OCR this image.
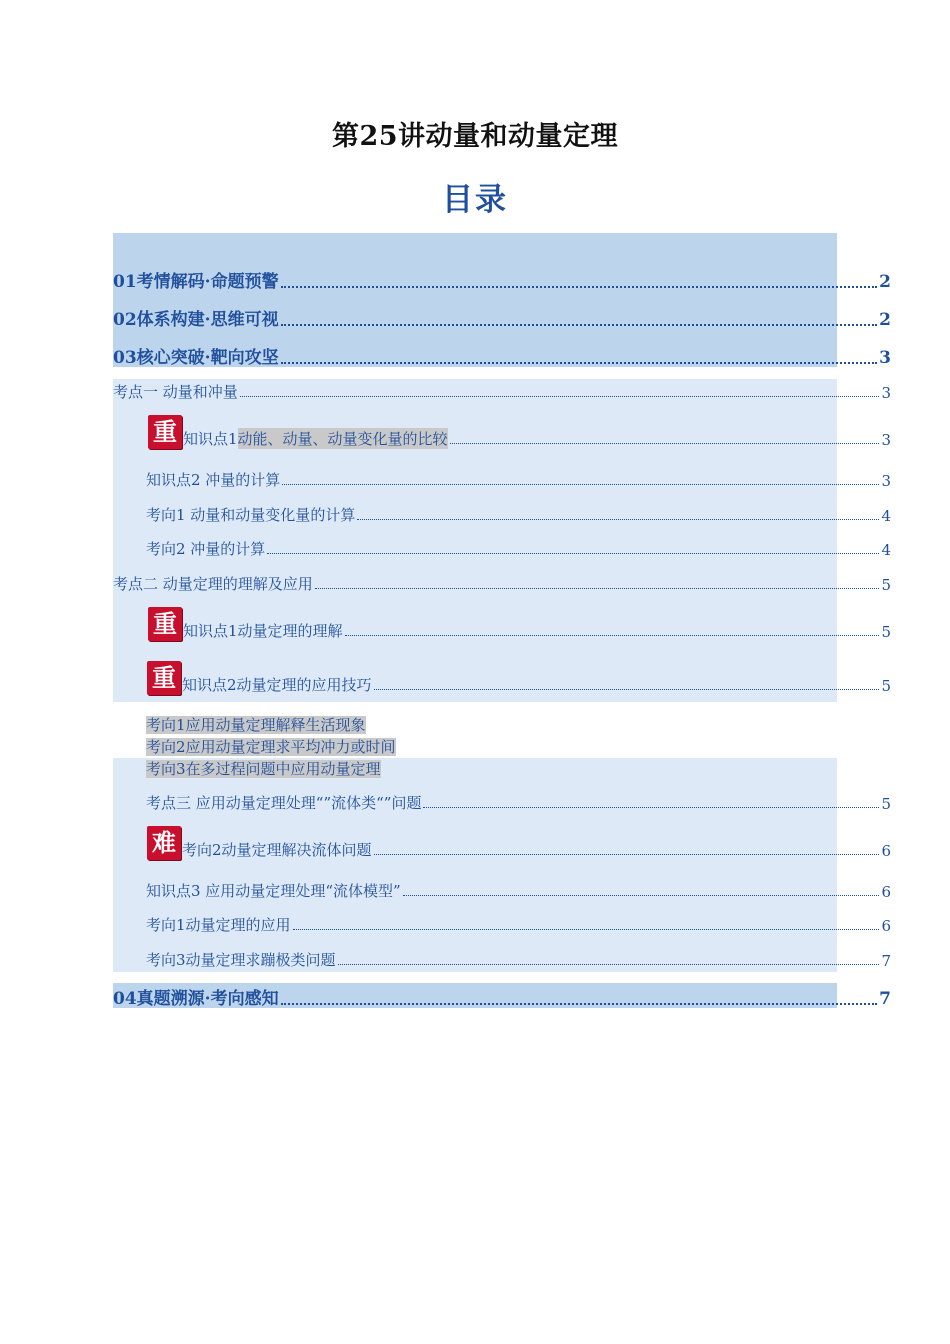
第25讲动量和动量定理
目录
01考情解码·命题预警	2
02体系构建·思维可视	2
03核心突破·靶向攻坚	3
考点一 动量和冲量	3
重 知识点1 动能、动量、动量变化量的比较	3
知识点2 冲量的计算	3
考向1 动量和动量变化量的计算	4
考向2 冲量的计算	4
考点二 动量定理的理解及应用	5
重 知识点1动量定理的理解	5
重 知识点2动量定理的应用技巧	5
考向1应用动量定理解释生活现象
考向2应用动量定理求平均冲力或时间
考向3在多过程问题中应用动量定理
考点三 应用动量定理处理“”流体类“”问题	5
难 考向2动量定理解决流体问题	6
知识点3 应用动量定理处理“流体模型”	6
考向1动量定理的应用	6
考向3动量定理求蹦极类问题	7
04真题溯源·考向感知	7
